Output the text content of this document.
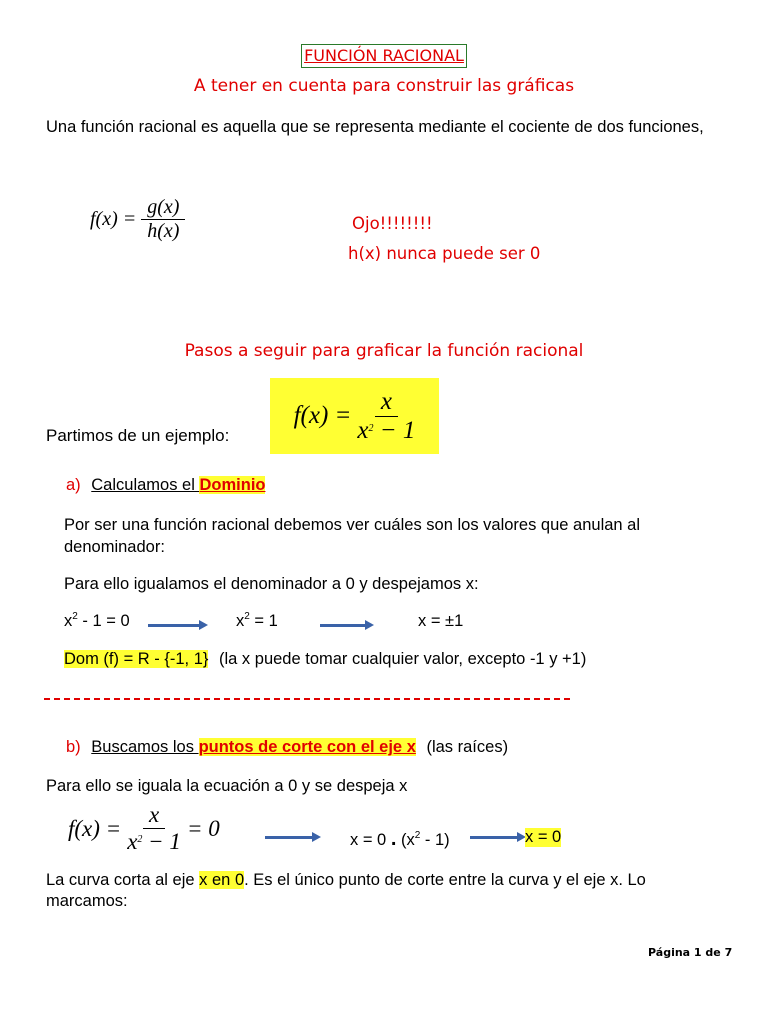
FUNCIÓN RACIONAL
A tener en cuenta para construir las gráficas
Una función racional es aquella que se representa mediante el cociente de dos funciones,
$f(x) = \frac{g(x)}{h(x)}$	Ojo!!!!!!!!
h(x) nunca puede ser 0
Pasos a seguir para graficar la función racional
Partimos de un ejemplo:
$f(x) = \frac{x}{x^2 - 1}$
a) Calculamos el Dominio
Por ser una función racional debemos ver cuáles son los valores que anulan al denominador:
Para ello igualamos el denominador a 0 y despejamos x:
$x^2 - 1 = 0$	$x^2 = 1$	x = ±1
Dom (f) = R - {-1, 1} (la x puede tomar cualquier valor, excepto -1 y +1)
b) Buscamos los puntos de corte con el eje x (las raíces)
Para ello se iguala la ecuación a 0 y se despeja x
$f(x) = \frac{x}{x^2 - 1} = 0$	x = 0 . $(x^2 - 1)$	x = 0
La curva corta al eje x en 0. Es el único punto de corte entre la curva y el eje x. Lo
marcamos:
Página 1 de 7
